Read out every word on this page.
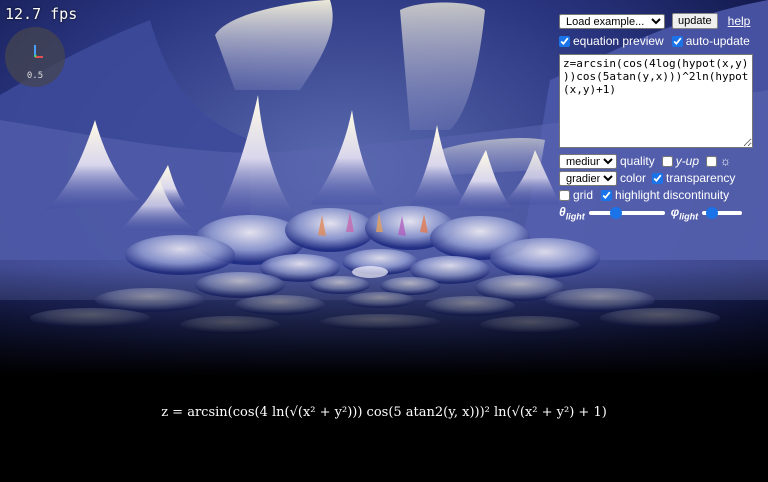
12.7 fps
0.5
Load example...
update	help
equation preview auto-update
z=arcsin(cos(4log(hypot(x,y)))cos(5atan(y,x)))^2ln(hypot(x,y)+1)
medium
quality y-up ☼
gradient
color transparency
grid highlight discontinuity
$\theta_{light}$	$\varphi_{light}$
z = arcsin(cos(4 ln(√(x² + y²))) cos(5 atan2(y, x)))² ln(√(x² + y²) + 1)
